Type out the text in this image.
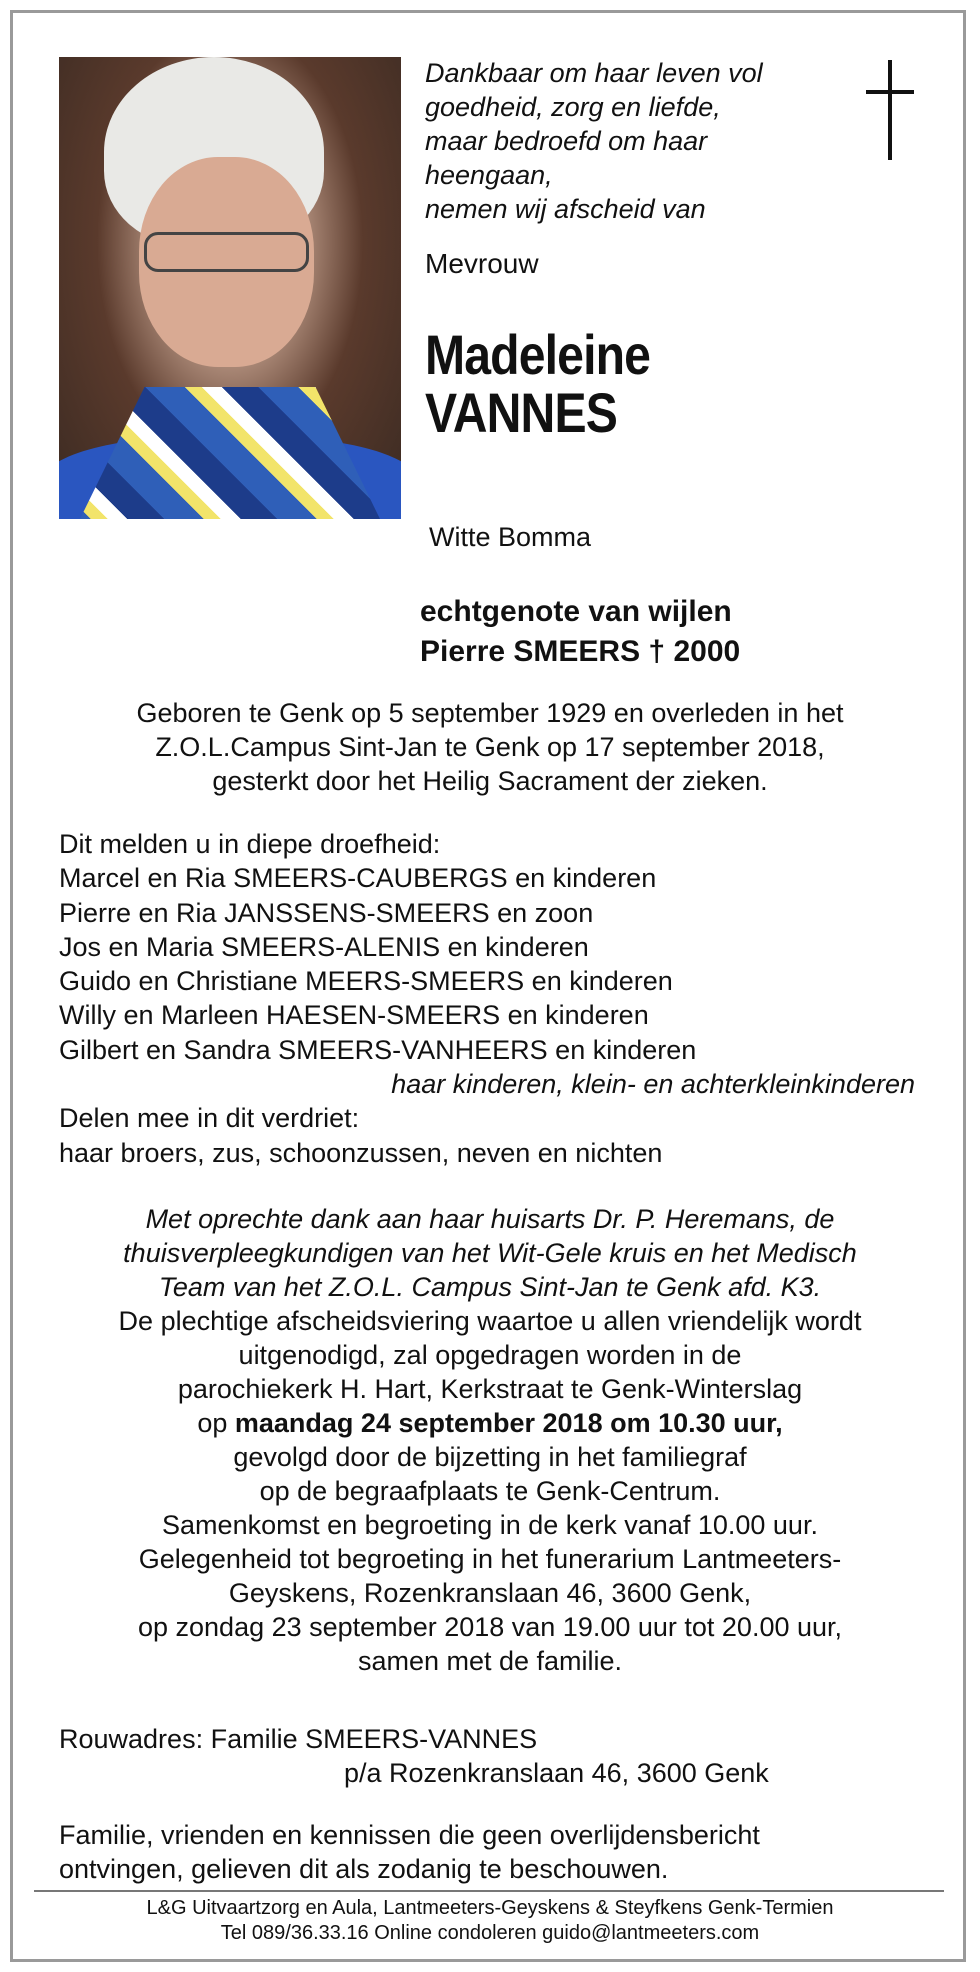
Dankbaar om haar leven vol
goedheid, zorg en liefde,
maar bedroefd om haar
heengaan,
nemen wij afscheid van
Mevrouw
Madeleine
VANNES
Witte Bomma
echtgenote van wijlen
Pierre SMEERS † 2000
Geboren te Genk op 5 september 1929 en overleden in het
Z.O.L.Campus Sint-Jan te Genk op 17 september 2018,
gesterkt door het Heilig Sacrament der zieken.
Dit melden u in diepe droefheid:
Marcel en Ria SMEERS-CAUBERGS en kinderen
Pierre en Ria JANSSENS-SMEERS en zoon
Jos en Maria SMEERS-ALENIS en kinderen
Guido en Christiane MEERS-SMEERS en kinderen
Willy en Marleen HAESEN-SMEERS en kinderen
Gilbert en Sandra SMEERS-VANHEERS en kinderen
haar kinderen, klein- en achterkleinkinderen
Delen mee in dit verdriet:
haar broers, zus, schoonzussen, neven en nichten
Met oprechte dank aan haar huisarts Dr. P. Heremans, de
thuisverpleegkundigen van het Wit-Gele kruis en het Medisch
Team van het Z.O.L. Campus Sint-Jan te Genk afd. K3.
De plechtige afscheidsviering waartoe u allen vriendelijk wordt
uitgenodigd, zal opgedragen worden in de
parochiekerk H. Hart, Kerkstraat te Genk-Winterslag
op maandag 24 september 2018 om 10.30 uur,
gevolgd door de bijzetting in het familiegraf
op de begraafplaats te Genk-Centrum.
Samenkomst en begroeting in de kerk vanaf 10.00 uur.
Gelegenheid tot begroeting in het funerarium Lantmeeters-
Geyskens, Rozenkranslaan 46, 3600 Genk,
op zondag 23 september 2018 van 19.00 uur tot 20.00 uur,
samen met de familie.
Rouwadres: Familie SMEERS-VANNES
p/a Rozenkranslaan 46, 3600 Genk
Familie, vrienden en kennissen die geen overlijdensbericht
ontvingen, gelieven dit als zodanig te beschouwen.
L&G Uitvaartzorg en Aula, Lantmeeters-Geyskens & Steyfkens Genk-Termien
Tel 089/36.33.16 Online condoleren guido@lantmeeters.com
